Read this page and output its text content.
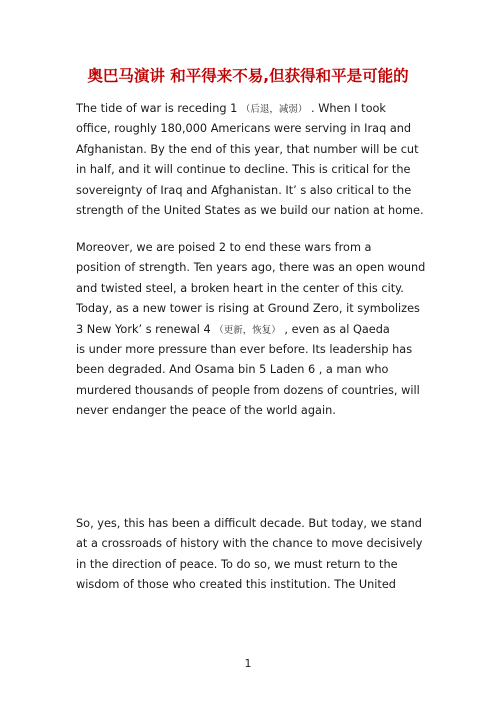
奥巴马演讲 和平得来不易,但获得和平是可能的
The tide of war is receding 1 （后退，减弱） . When I took
office, roughly 180,000 Americans were serving in Iraq and
Afghanistan. By the end of this year, that number will be cut
in half, and it will continue to decline. This is critical for the
sovereignty of Iraq and Afghanistan. It’ s also critical to the
strength of the United States as we build our nation at home.
Moreover, we are poised 2 to end these wars from a
position of strength. Ten years ago, there was an open wound
and twisted steel, a broken heart in the center of this city.
Today, as a new tower is rising at Ground Zero, it symbolizes
3 New York’ s renewal 4 （更新，恢复） , even as al Qaeda
is under more pressure than ever before. Its leadership has
been degraded. And Osama bin 5 Laden 6 , a man who
murdered thousands of people from dozens of countries, will
never endanger the peace of the world again.
So, yes, this has been a difficult decade. But today, we stand
at a crossroads of history with the chance to move decisively
in the direction of peace. To do so, we must return to the
wisdom of those who created this institution. The United
1
